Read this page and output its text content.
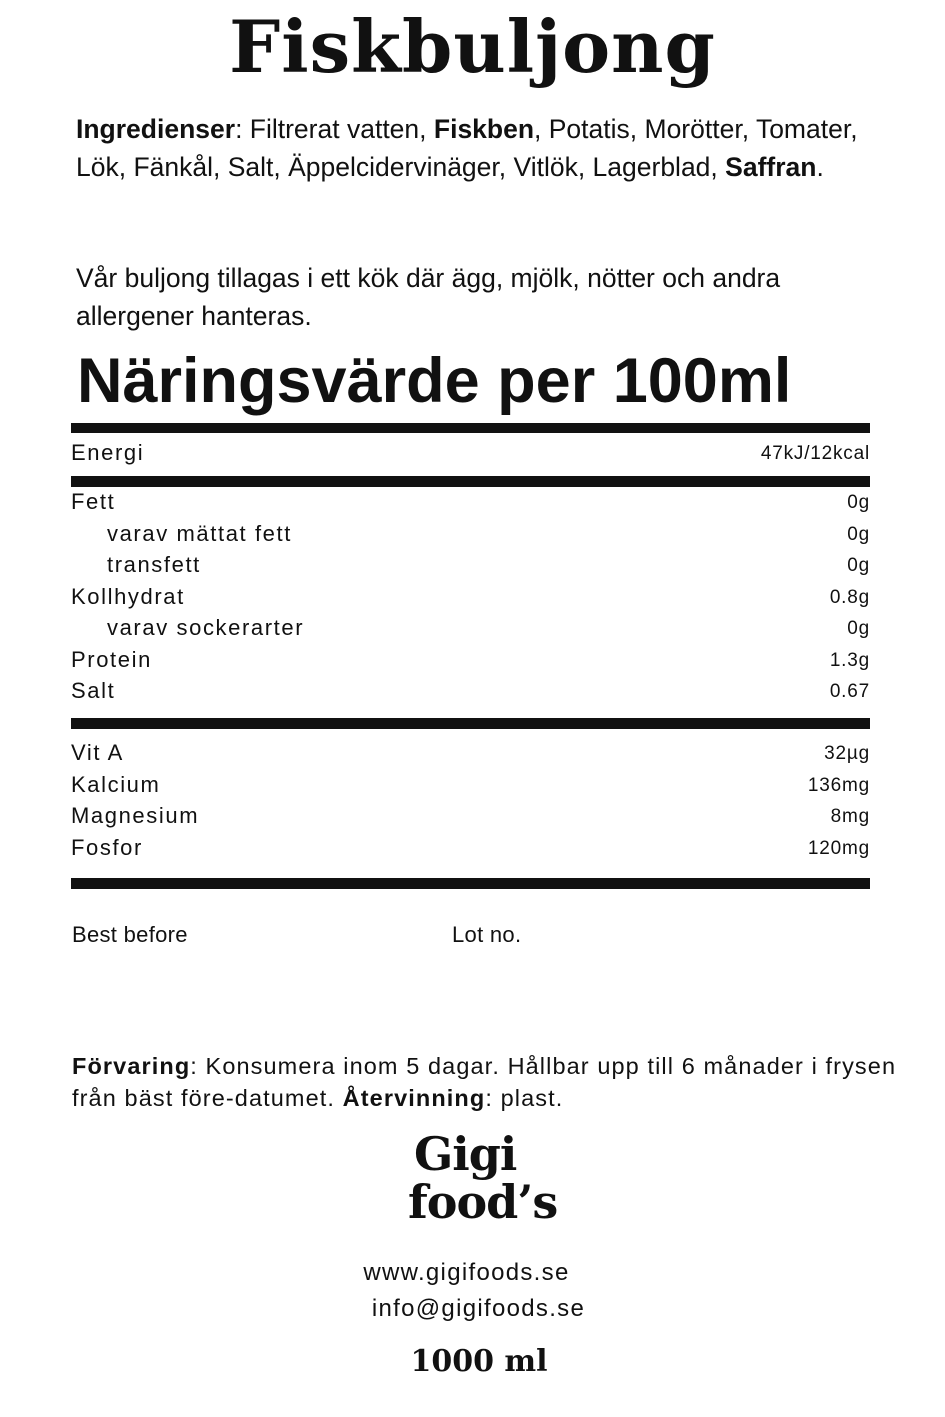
Fiskbuljong
Ingredienser: Filtrerat vatten, Fiskben, Potatis, Morötter, Tomater, Lök, Fänkål, Salt, Äppelcidervinäger, Vitlök, Lagerblad, Saffran.
Vår buljong tillagas i ett kök där ägg, mjölk, nötter och andra allergener hanteras.
Näringsvärde per 100ml
Energi	47kJ/12kcal
Fett	0g
varav mättat fett	0g
transfett	0g
Kollhydrat	0.8g
varav sockerarter	0g
Protein	1.3g
Salt	0.67
Vit A	32µg
Kalcium	136mg
Magnesium	8mg
Fosfor	120mg
Best before	Lot no.
Förvaring: Konsumera inom 5 dagar. Hållbar upp till 6 månader i frysen från bäst före-datumet. Återvinning: plast.
Gigi
food’s
www.gigifoods.se
info@gigifoods.se
1000 ml
